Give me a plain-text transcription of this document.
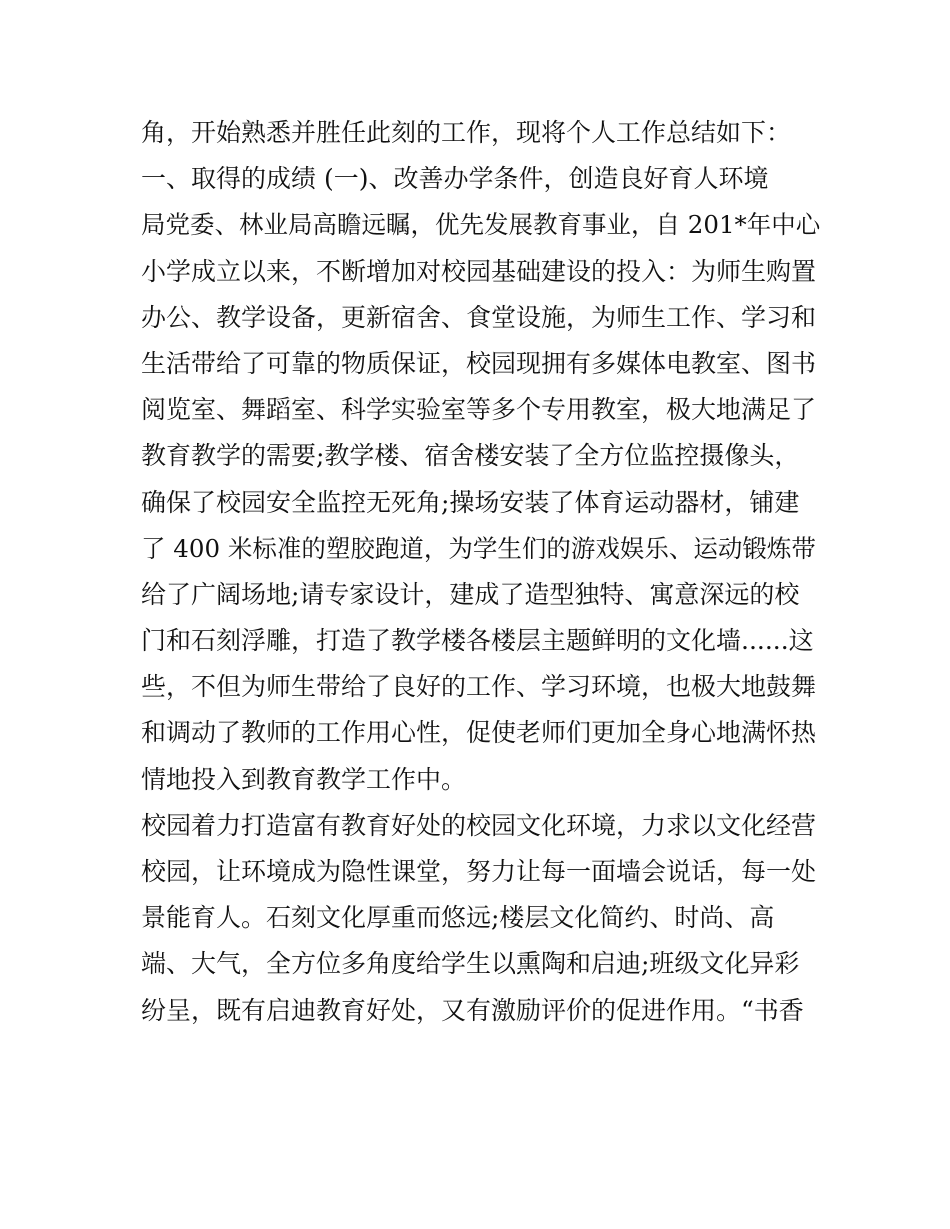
角，开始熟悉并胜任此刻的工作，现将个人工作总结如下：
一、取得的成绩 (一)、改善办学条件，创造良好育人环境
局党委、林业局高瞻远瞩，优先发展教育事业，自 201*年中心
小学成立以来，不断增加对校园基础建设的投入：为师生购置
办公、教学设备，更新宿舍、食堂设施，为师生工作、学习和
生活带给了可靠的物质保证，校园现拥有多媒体电教室、图书
阅览室、舞蹈室、科学实验室等多个专用教室，极大地满足了
教育教学的需要;教学楼、宿舍楼安装了全方位监控摄像头，
确保了校园安全监控无死角;操场安装了体育运动器材，铺建
了 400 米标准的塑胶跑道，为学生们的游戏娱乐、运动锻炼带
给了广阔场地;请专家设计，建成了造型独特、寓意深远的校
门和石刻浮雕，打造了教学楼各楼层主题鲜明的文化墙......这
些，不但为师生带给了良好的工作、学习环境，也极大地鼓舞
和调动了教师的工作用心性，促使老师们更加全身心地满怀热
情地投入到教育教学工作中。
校园着力打造富有教育好处的校园文化环境，力求以文化经营
校园，让环境成为隐性课堂，努力让每一面墙会说话，每一处
景能育人。石刻文化厚重而悠远;楼层文化简约、时尚、高
端、大气，全方位多角度给学生以熏陶和启迪;班级文化异彩
纷呈，既有启迪教育好处，又有激励评价的促进作用。“书香
